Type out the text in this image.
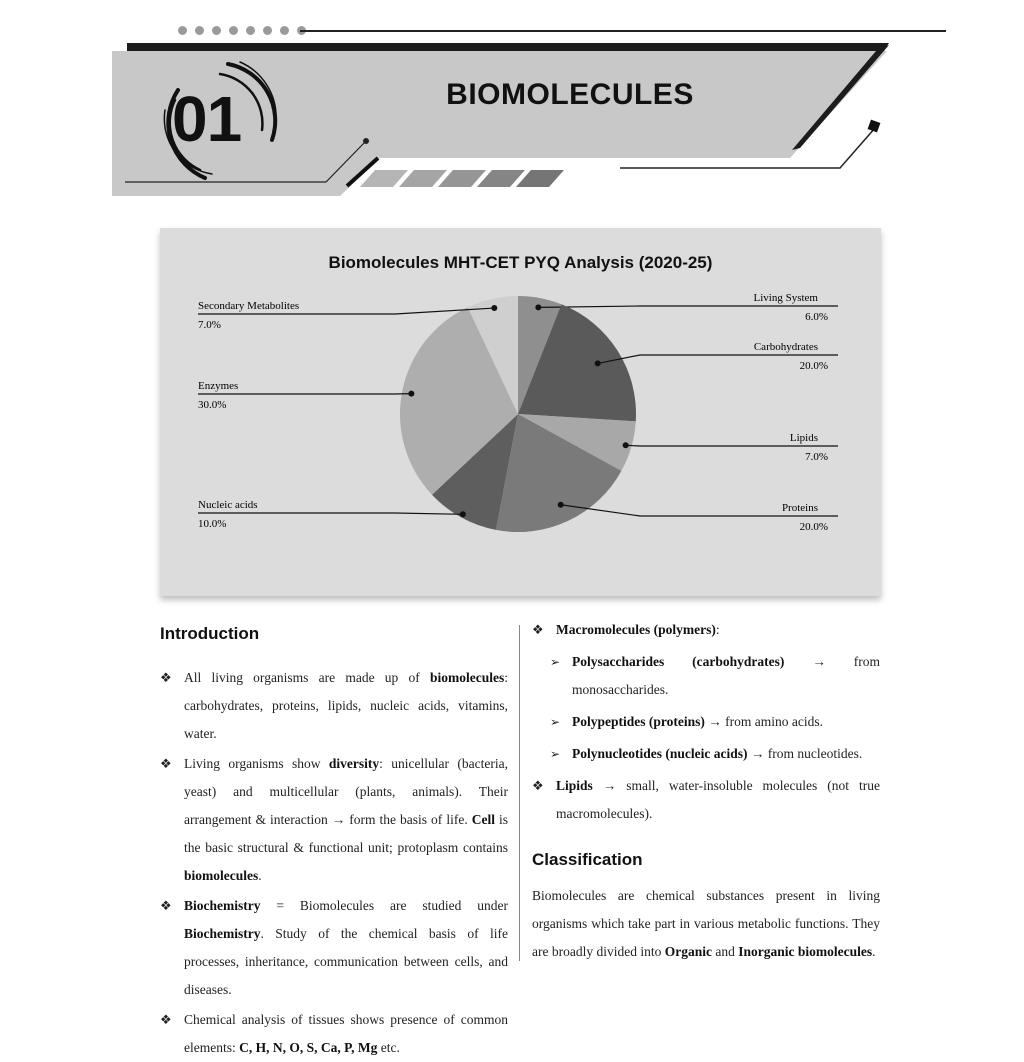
01	BIOMOLECULES
Biomolecules MHT-CET PYQ Analysis (2020-25)
Living System
6.0%
Carbohydrates
20.0%
Lipids
7.0%
Proteins
20.0%
Nucleic acids
10.0%
Enzymes
30.0%
Secondary Metabolites
7.0%
Introduction
❖ All living organisms are made up of biomolecules: carbohydrates, proteins, lipids, nucleic acids, vitamins, water.
❖ Living organisms show diversity: unicellular (bacteria, yeast) and multicellular (plants, animals). Their arrangement & interaction → form the basis of life. Cell is the basic structural & functional unit; protoplasm contains biomolecules.
❖ Biochemistry = Biomolecules are studied under Biochemistry. Study of the chemical basis of life processes, inheritance, communication between cells, and diseases.
❖ Chemical analysis of tissues shows presence of common elements: C, H, N, O, S, Ca, P, Mg etc.
❖ Macromolecules (polymers):
➢ Polysaccharides (carbohydrates) → from monosaccharides.
➢ Polypeptides (proteins) → from amino acids.
➢ Polynucleotides (nucleic acids) → from nucleotides.
❖ Lipids → small, water-insoluble molecules (not true macromolecules).
Classification
Biomolecules are chemical substances present in living organisms which take part in various metabolic functions. They are broadly divided into Organic and Inorganic biomolecules.
